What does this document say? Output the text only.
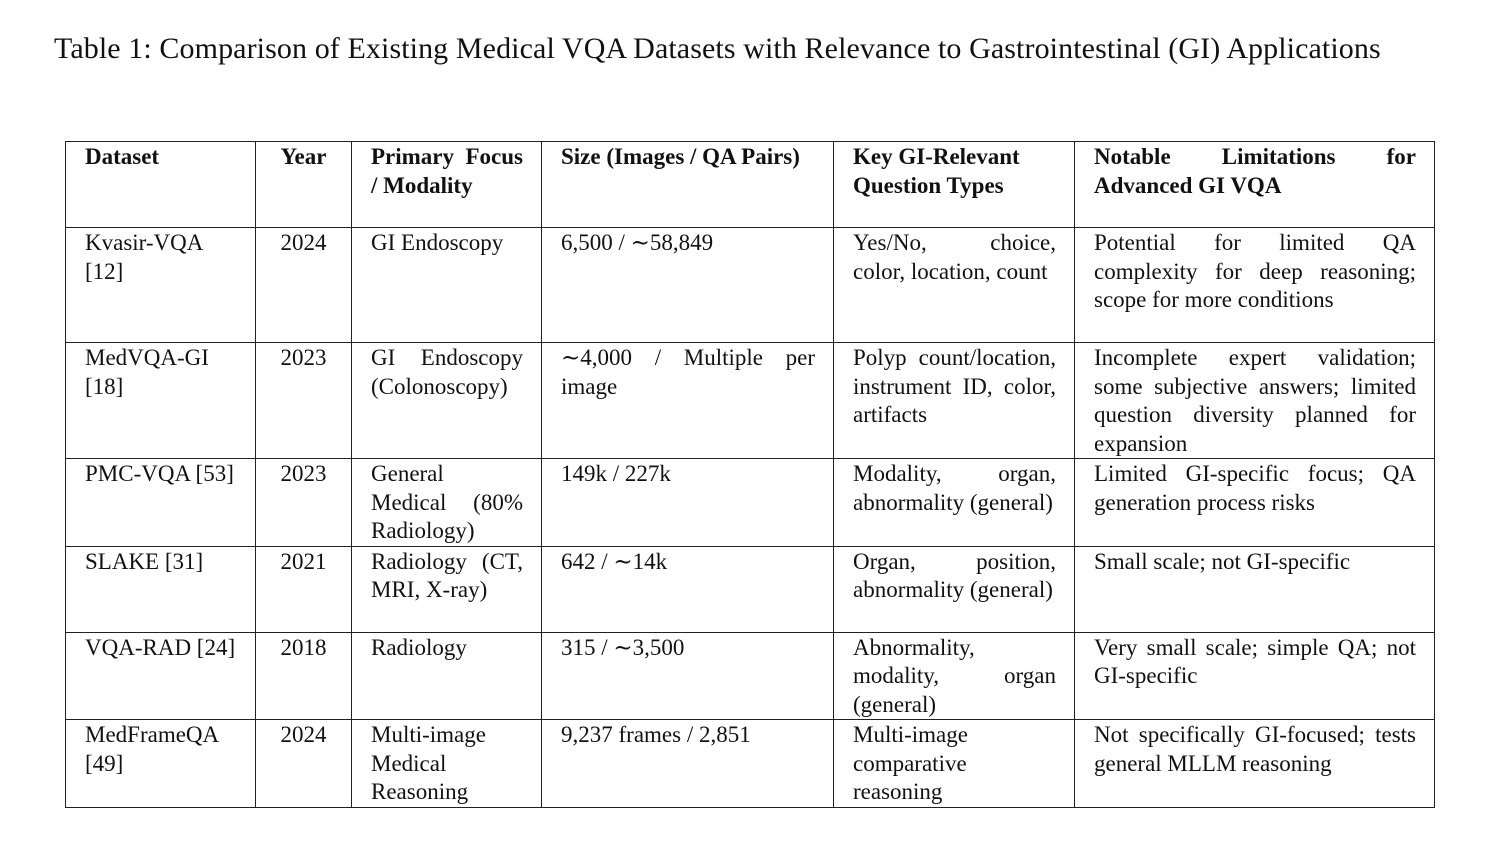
Table 1: Comparison of Existing Medical VQA Datasets with Relevance to Gastrointestinal (GI) Applications
Dataset	Year	Primary Focus / Modality	Size (Images / QA Pairs)	Key GI-Relevant Question Types	Notable Limitations for Advanced GI VQA
Kvasir-VQA [12]	2024	GI Endoscopy	6,500 / ∼58,849	Yes/No, choice, color, location, count	Potential for limited QA complexity for deep reasoning; scope for more conditions
MedVQA-GI [18]	2023	GI Endoscopy (Colonoscopy)	∼4,000 / Multiple per image	Polyp count/location, instrument ID, color, artifacts	Incomplete expert validation; some subjective answers; limited question diversity planned for expansion
PMC-VQA [53]	2023	General Medical (80% Radiology)	149k / 227k	Modality, organ, abnormality (general)	Limited GI-specific focus; QA generation process risks
SLAKE [31]	2021	Radiology (CT, MRI, X-ray)	642 / ∼14k	Organ, position, abnormality (general)	Small scale; not GI-specific
VQA-RAD [24]	2018	Radiology	315 / ∼3,500	Abnormality, modality, organ (general)	Very small scale; simple QA; not GI-specific
MedFrameQA [49]	2024	Multi-image Medical Reasoning	9,237 frames / 2,851	Multi-image comparative reasoning	Not specifically GI-focused; tests general MLLM reasoning
